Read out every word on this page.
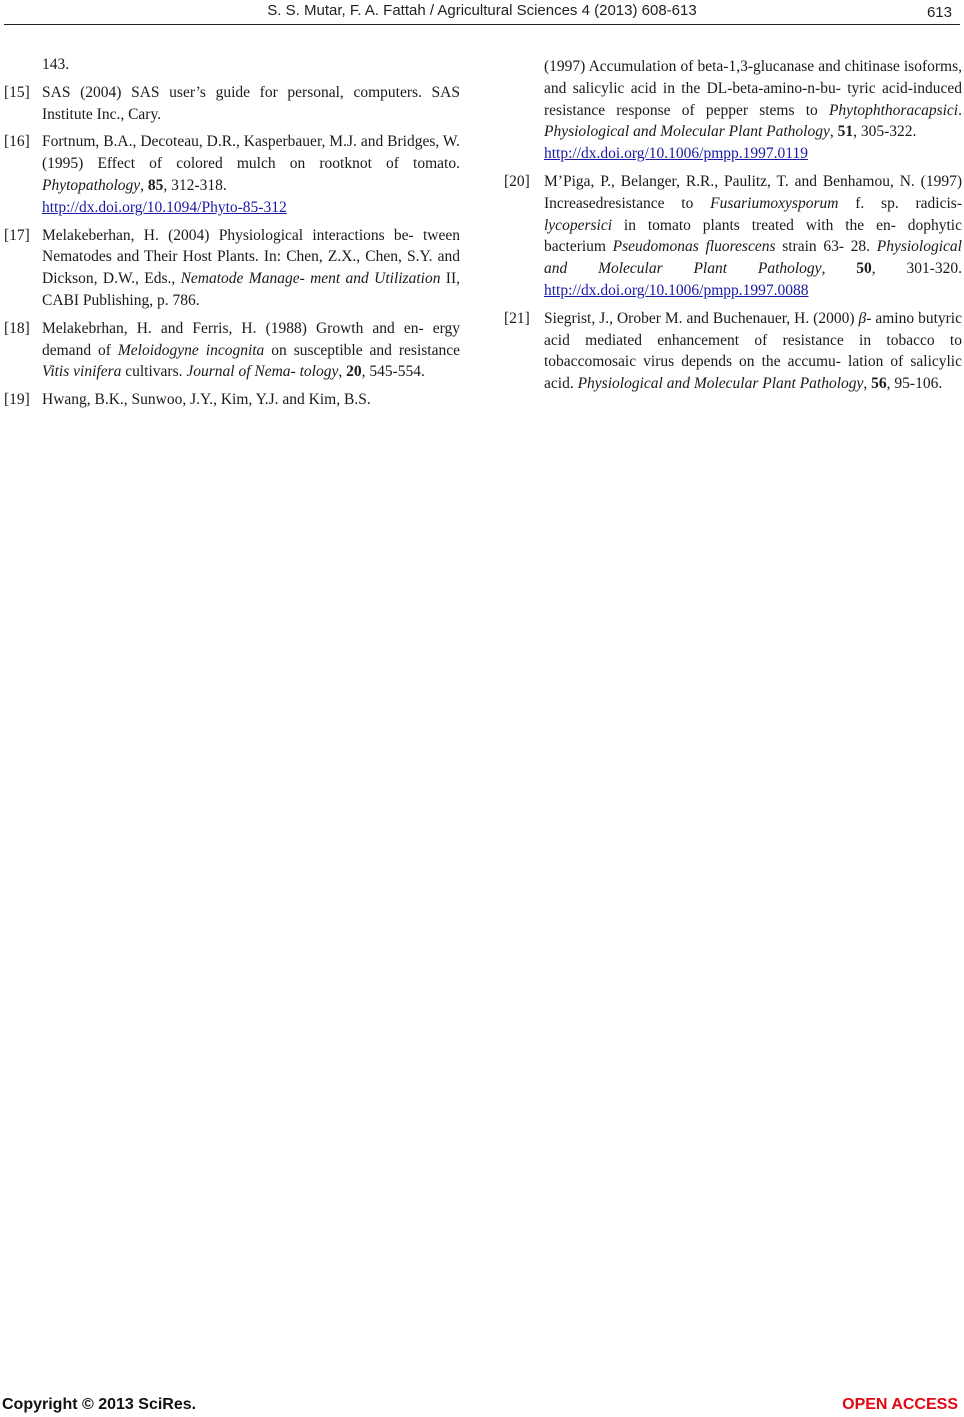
S. S. Mutar, F. A. Fattah / Agricultural Sciences 4 (2013) 608-613	613
143.
[15] SAS (2004) SAS user’s guide for personal, computers. SAS Institute Inc., Cary.
[16] Fortnum, B.A., Decoteau, D.R., Kasperbauer, M.J. and Bridges, W. (1995) Effect of colored mulch on rootknot of tomato. Phytopathology, 85, 312-318.
http://dx.doi.org/10.1094/Phyto-85-312
[17] Melakeberhan, H. (2004) Physiological interactions be- tween Nematodes and Their Host Plants. In: Chen, Z.X., Chen, S.Y. and Dickson, D.W., Eds., Nematode Manage- ment and Utilization II, CABI Publishing, p. 786.
[18] Melakebrhan, H. and Ferris, H. (1988) Growth and en- ergy demand of Meloidogyne incognita on susceptible and resistance Vitis vinifera cultivars. Journal of Nema- tology, 20, 545-554.
[19] Hwang, B.K., Sunwoo, J.Y., Kim, Y.J. and Kim, B.S.
(1997) Accumulation of beta-1,3-glucanase and chitinase isoforms, and salicylic acid in the DL-beta-amino-n-bu- tyric acid-induced resistance response of pepper stems to Phytophthoracapsici. Physiological and Molecular Plant Pathology, 51, 305-322.
http://dx.doi.org/10.1006/pmpp.1997.0119
[20] M’Piga, P., Belanger, R.R., Paulitz, T. and Benhamou, N. (1997) Increasedresistance to Fusariumoxysporum f. sp. radicis-lycopersici in tomato plants treated with the en- dophytic bacterium Pseudomonas fluorescens strain 63- 28. Physiological and Molecular Plant Pathology, 50, 301-320. http://dx.doi.org/10.1006/pmpp.1997.0088
[21] Siegrist, J., Orober M. and Buchenauer, H. (2000) β- amino butyric acid mediated enhancement of resistance in tobacco to tobaccomosaic virus depends on the accumu- lation of salicylic acid. Physiological and Molecular Plant Pathology, 56, 95-106.
Copyright © 2013 SciRes.	OPEN ACCESS
